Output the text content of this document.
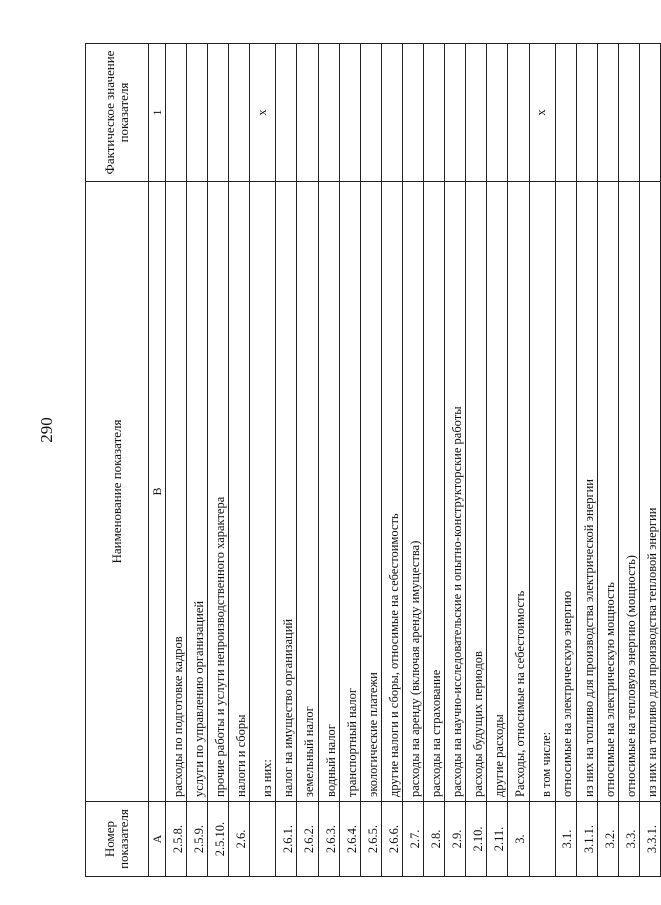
290
Номер показателя	Наименование показателя	Фактическое значение показателя
А	В	1
2.5.8.	расходы по подготовке кадров	
2.5.9.	услуги по управлению организацией	
2.5.10.	прочие работы и услуги непроизводственного характера	
2.6.	налоги и сборы	
	из них:	x
2.6.1.	налог на имущество организаций	
2.6.2.	земельный налог	
2.6.3.	водный налог	
2.6.4.	транспортный налог	
2.6.5.	экологические платежи	
2.6.6.	другие налоги и сборы, относимые на себестоимость	
2.7.	расходы на аренду (включая аренду имущества)	
2.8.	расходы на страхование	
2.9.	расходы на научно-исследовательские и опытно-конструкторские работы	
2.10.	расходы будущих периодов	
2.11.	другие расходы	
3.	Расходы, относимые на себестоимость	
	в том числе:	x
3.1.	относимые на электрическую энергию	
3.1.1.	из них на топливо для производства электрической энергии	
3.2.	относимые на электрическую мощность	
3.3.	относимые на тепловую энергию (мощность)	
3.3.1.	из них на топливо для производства тепловой энергии	
